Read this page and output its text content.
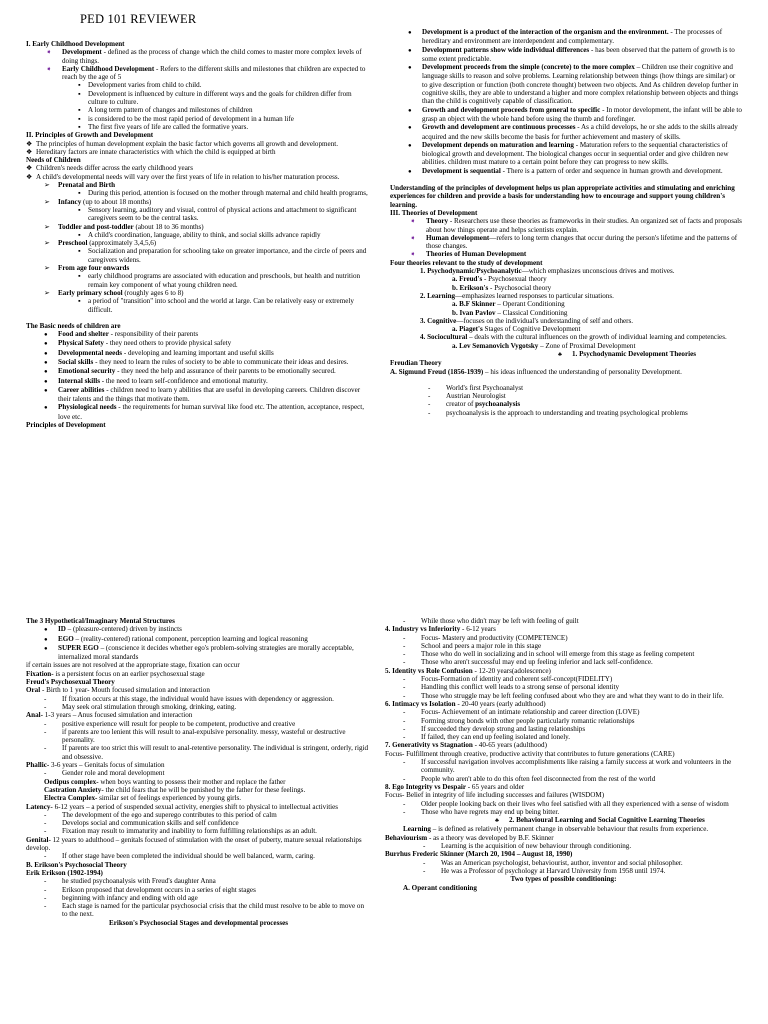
PED 101 REVIEWER
I. Early Childhood Development
➧ Development - defined as the process of change which the child comes to master more complex levels of doing things.
➧ Early Childhood Development - Refers to the different skills and milestones that children are expected to reach by the age of 5
▪ Development varies from child to child.
▪ Development is influenced by culture in different ways and the goals for children differ from culture to culture.
▪ A long term pattern of changes and milestones of children
▪ is considered to be the most rapid period of development in a human life
▪ The first five years of life are called the formative years.
II. Principles of Growth and Development
❖ The principles of human development explain the basic factor which governs all growth and development.
❖ Hereditary factors are innate characteristics with which the child is equipped at birth
Needs of Children
❖ Children's needs differ across the early childhood years
❖ A child's developmental needs will vary over the first years of life in relation to his/her maturation process.
➢ Prenatal and Birth
▪ During this period, attention is focused on the mother through maternal and child health programs,
➢ Infancy (up to about 18 months)
▪ Sensory learning, auditory and visual, control of physical actions and attachment to significant caregivers seem to be the central tasks.
➢ Toddler and post-toddler (about 18 to 36 months)
▪ A child's coordination, language, ability to think, and social skills advance rapidly
➢ Preschool (approximately 3,4,5,6)
▪ Socialization and preparation for schooling take on greater importance, and the circle of peers and caregivers widens.
➢ From age four onwards
▪ early childhood programs are associated with education and preschools, but health and nutrition remain key component of what young children need.
➢ Early primary school (roughly ages 6 to 8)
▪ a period of "transition" into school and the world at large. Can be relatively easy or extremely difficult.
The Basic needs of children are
● Food and shelter - responsibility of their parents
● Physical Safety - they need others to provide physical safety
● Developmental needs - developing and learning important and useful skills
● Social skills - they need to learn the rules of society to be able to communicate their ideas and desires.
● Emotional security - they need the help and assurance of their parents to be emotionally secured.
● Internal skills - the need to learn self-confidence and emotional maturity.
● Career abilities - children need to learn y abilities that are useful in developing careers. Children discover their talents and the things that motivate them.
● Physiological needs - the requirements for human survival like food etc. The attention, acceptance, respect, love etc.
Principles of Development
● Development is a product of the interaction of the organism and the environment. - The processes of hereditary and environment are interdependent and complementary.
● Development patterns show wide individual differences - has been observed that the pattern of growth is to some extent predictable.
● Development proceeds from the simple (concrete) to the more complex – Children use their cognitive and language skills to reason and solve problems. Learning relationship between things (how things are similar) or to give description or function (both concrete thought) between two objects. And As children develop further in cognitive skills, they are able to understand a higher and more complex relationship between objects and things than the child is cognitively capable of classification.
● Growth and development proceeds from general to specific - In motor development, the infant will be able to grasp an object with the whole hand before using the thumb and forefinger.
● Growth and development are continuous processes - As a child develops, he or she adds to the skills already acquired and the new skills become the basis for further achievement and mastery of skills.
● Development depends on maturation and learning - Maturation refers to the sequential characteristics of biological growth and development. The biological changes occur in sequential order and give children new abilities. children must mature to a certain point before they can progress to new skills.
● Development is sequential - There is a pattern of order and sequence in human growth and development.
Understanding of the principles of development helps us plan appropriate activities and stimulating and enriching experiences for children and provide a basis for understanding how to encourage and support young children's learning.
III. Theories of Development
➧ Theory - Researchers use these theories as frameworks in their studies. An organized set of facts and proposals about how things operate and helps scientists explain.
➧ Human development—refers to long term changes that occur during the person's lifetime and the patterns of those changes.
➧ Theories of Human Development
Four theories relevant to the study of development
1. Psychodynamic/Psychoanalytic—which emphasizes unconscious drives and motives.
a. Freud's - Psychosexual theory
b. Erikson's - Psychosocial theory
2. Learning—emphasizes learned responses to particular situations.
a. B.F Skinner – Operant Conditioning
b. Ivan Pavlov – Classical Conditioning
3. Cognitive—focuses on the individual's understanding of self and others.
a. Piaget's Stages of Cognitive Development
4. Sociocultural – deals with the cultural influences on the growth of individual learning and competencies.
a. Lev Semanovich Vygotsky – Zone of Proximal Development
♣ 1. Psychodynamic Development Theories
Freudian Theory
A. Sigmund Freud (1856-1939) – his ideas influenced the understanding of personality Development.
- World's first Psychoanalyst
- Austrian Neurologist
- creator of psychoanalysis
- psychoanalysis is the approach to understanding and treating psychological problems
The 3 Hypothetical/Imaginary Mental Structures
● ID – (pleasure-centered) driven by instincts
● EGO – (reality-centered) rational component, perception learning and logical reasoning
● SUPER EGO – (conscience it decides whether ego's problem-solving strategies are morally acceptable, internalized moral standards
if certain issues are not resolved at the appropriate stage, fixation can occur
Fixation- is a persistent focus on an earlier psychosexual stage
Freud's Psychosexual Theory
Oral - Birth to 1 year- Mouth focused simulation and interaction
- If fixation occurs at this stage, the individual would have issues with dependency or aggression.
- May seek oral stimulation through smoking, drinking, eating.
Anal- 1-3 years – Anus focused simulation and interaction
- positive experience will result for people to be competent, productive and creative
- if parents are too lenient this will result to anal-expulsive personality. messy, wasteful or destructive personality.
- If parents are too strict this will result to anal-retentive personality. The individual is stringent, orderly, rigid and obsessive.
Phallic- 3-6 years – Genitals focus of simulation
- Gender role and moral development
Oedipus complex- when boys wanting to possess their mother and replace the father
Castration Anxiety- the child fears that he will be punished by the father for these feelings.
Electra Complex- similar set of feelings experienced by young girls.
Latency- 6-12 years – a period of suspended sexual activity, energies shift to physical to intellectual activities
- The development of the ego and superego contributes to this period of calm
- Develops social and communication skills and self confidence
- Fixation may result to immaturity and inability to form fulfilling relationships as an adult.
Genital- 12 years to adulthood – genitals focused of stimulation with the onset of puberty, mature sexual relationships develop.
- If other stage have been completed the individual should be well balanced, warm, caring.
B. Erikson's Psychosocial Theory
Erik Erikson (1902-1994)
- he studied psychoanalysis with Freud's daughter Anna
- Erikson proposed that development occurs in a series of eight stages
- beginning with infancy and ending with old age
- Each stage is named for the particular psychosocial crisis that the child must resolve to be able to move on to the next.
Erikson's Psychosocial Stages and developmental processes
- While those who didn't may be left with feeling of guilt
4. Industry vs Inferiority - 6-12 years
- Focus- Mastery and productivity (COMPETENCE)
- School and peers a major role in this stage
- Those who do well in socializing and in school will emerge from this stage as feeling competent
- Those who aren't successful may end up feeling inferior and lack self-confidence.
5. Identity vs Role Confusion - 12-20 years(adolescence)
- Focus-Formation of identity and coherent self-concept(FIDELITY)
- Handling this conflict well leads to a strong sense of personal identity
- Those who struggle may be left feeling confused about who they are and what they want to do in their life.
6. Intimacy vs Isolation - 20-40 years (early adulthood)
- Focus- Achievement of an intimate relationship and career direction (LOVE)
- Forming strong bonds with other people particularly romantic relationships
- If succeeded they develop strong and lasting relationships
- If failed, they can end up feeling isolated and lonely.
7. Generativity vs Stagnation - 40-65 years (adulthood)
Focus- Fulfillment through creative, productive activity that contributes to future generations (CARE)
- If successful navigation involves accomplishments like raising a family success at work and volunteers in the community.
- People who aren't able to do this often feel disconnected from the rest of the world
8. Ego Integrity vs Despair - 65 years and older
Focus- Belief in integrity of life including successes and failures (WISDOM)
- Older people looking back on their lives who feel satisfied with all they experienced with a sense of wisdom
- Those who have regrets may end up being bitter.
♣ 2. Behavioural Learning and Social Cognitive Learning Theories
Learning – is defined as relatively permanent change in observable behaviour that results from experience.
Behaviourism - as a theory was developed by B.F. Skinner
- Learning is the acquisition of new behaviour through conditioning.
Burrhus Frederic Skinner (March 20, 1904 – August 18, 1990)
- Was an American psychologist, behaviourist, author, inventor and social philosopher.
- He was a Professor of psychology at Harvard University from 1958 until 1974.
Two types of possible conditioning:
A. Operant conditioning
